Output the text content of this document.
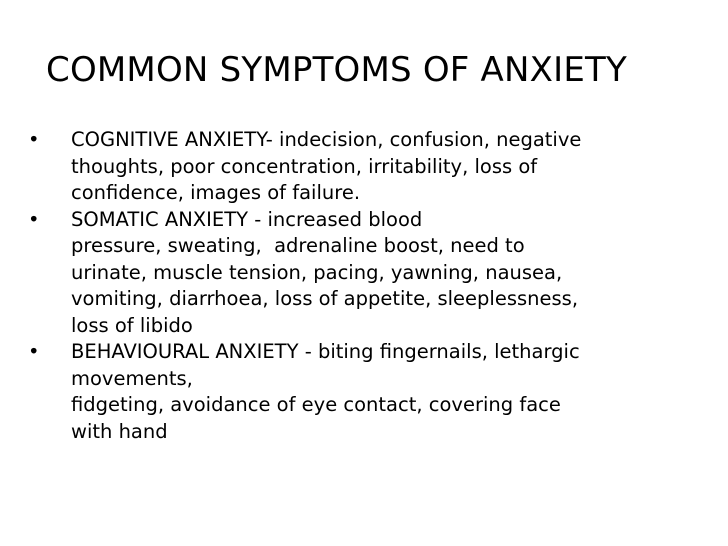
COMMON SYMPTOMS OF ANXIETY
•	COGNITIVE ANXIETY- indecision, confusion, negative
thoughts, poor concentration, irritability, loss of
confidence, images of failure.
•	SOMATIC ANXIETY - increased blood
pressure, sweating,  adrenaline boost, need to
urinate, muscle tension, pacing, yawning, nausea,
vomiting, diarrhoea, loss of appetite, sleeplessness,
loss of libido
•	BEHAVIOURAL ANXIETY - biting fingernails, lethargic
movements,
fidgeting, avoidance of eye contact, covering face
with hand
